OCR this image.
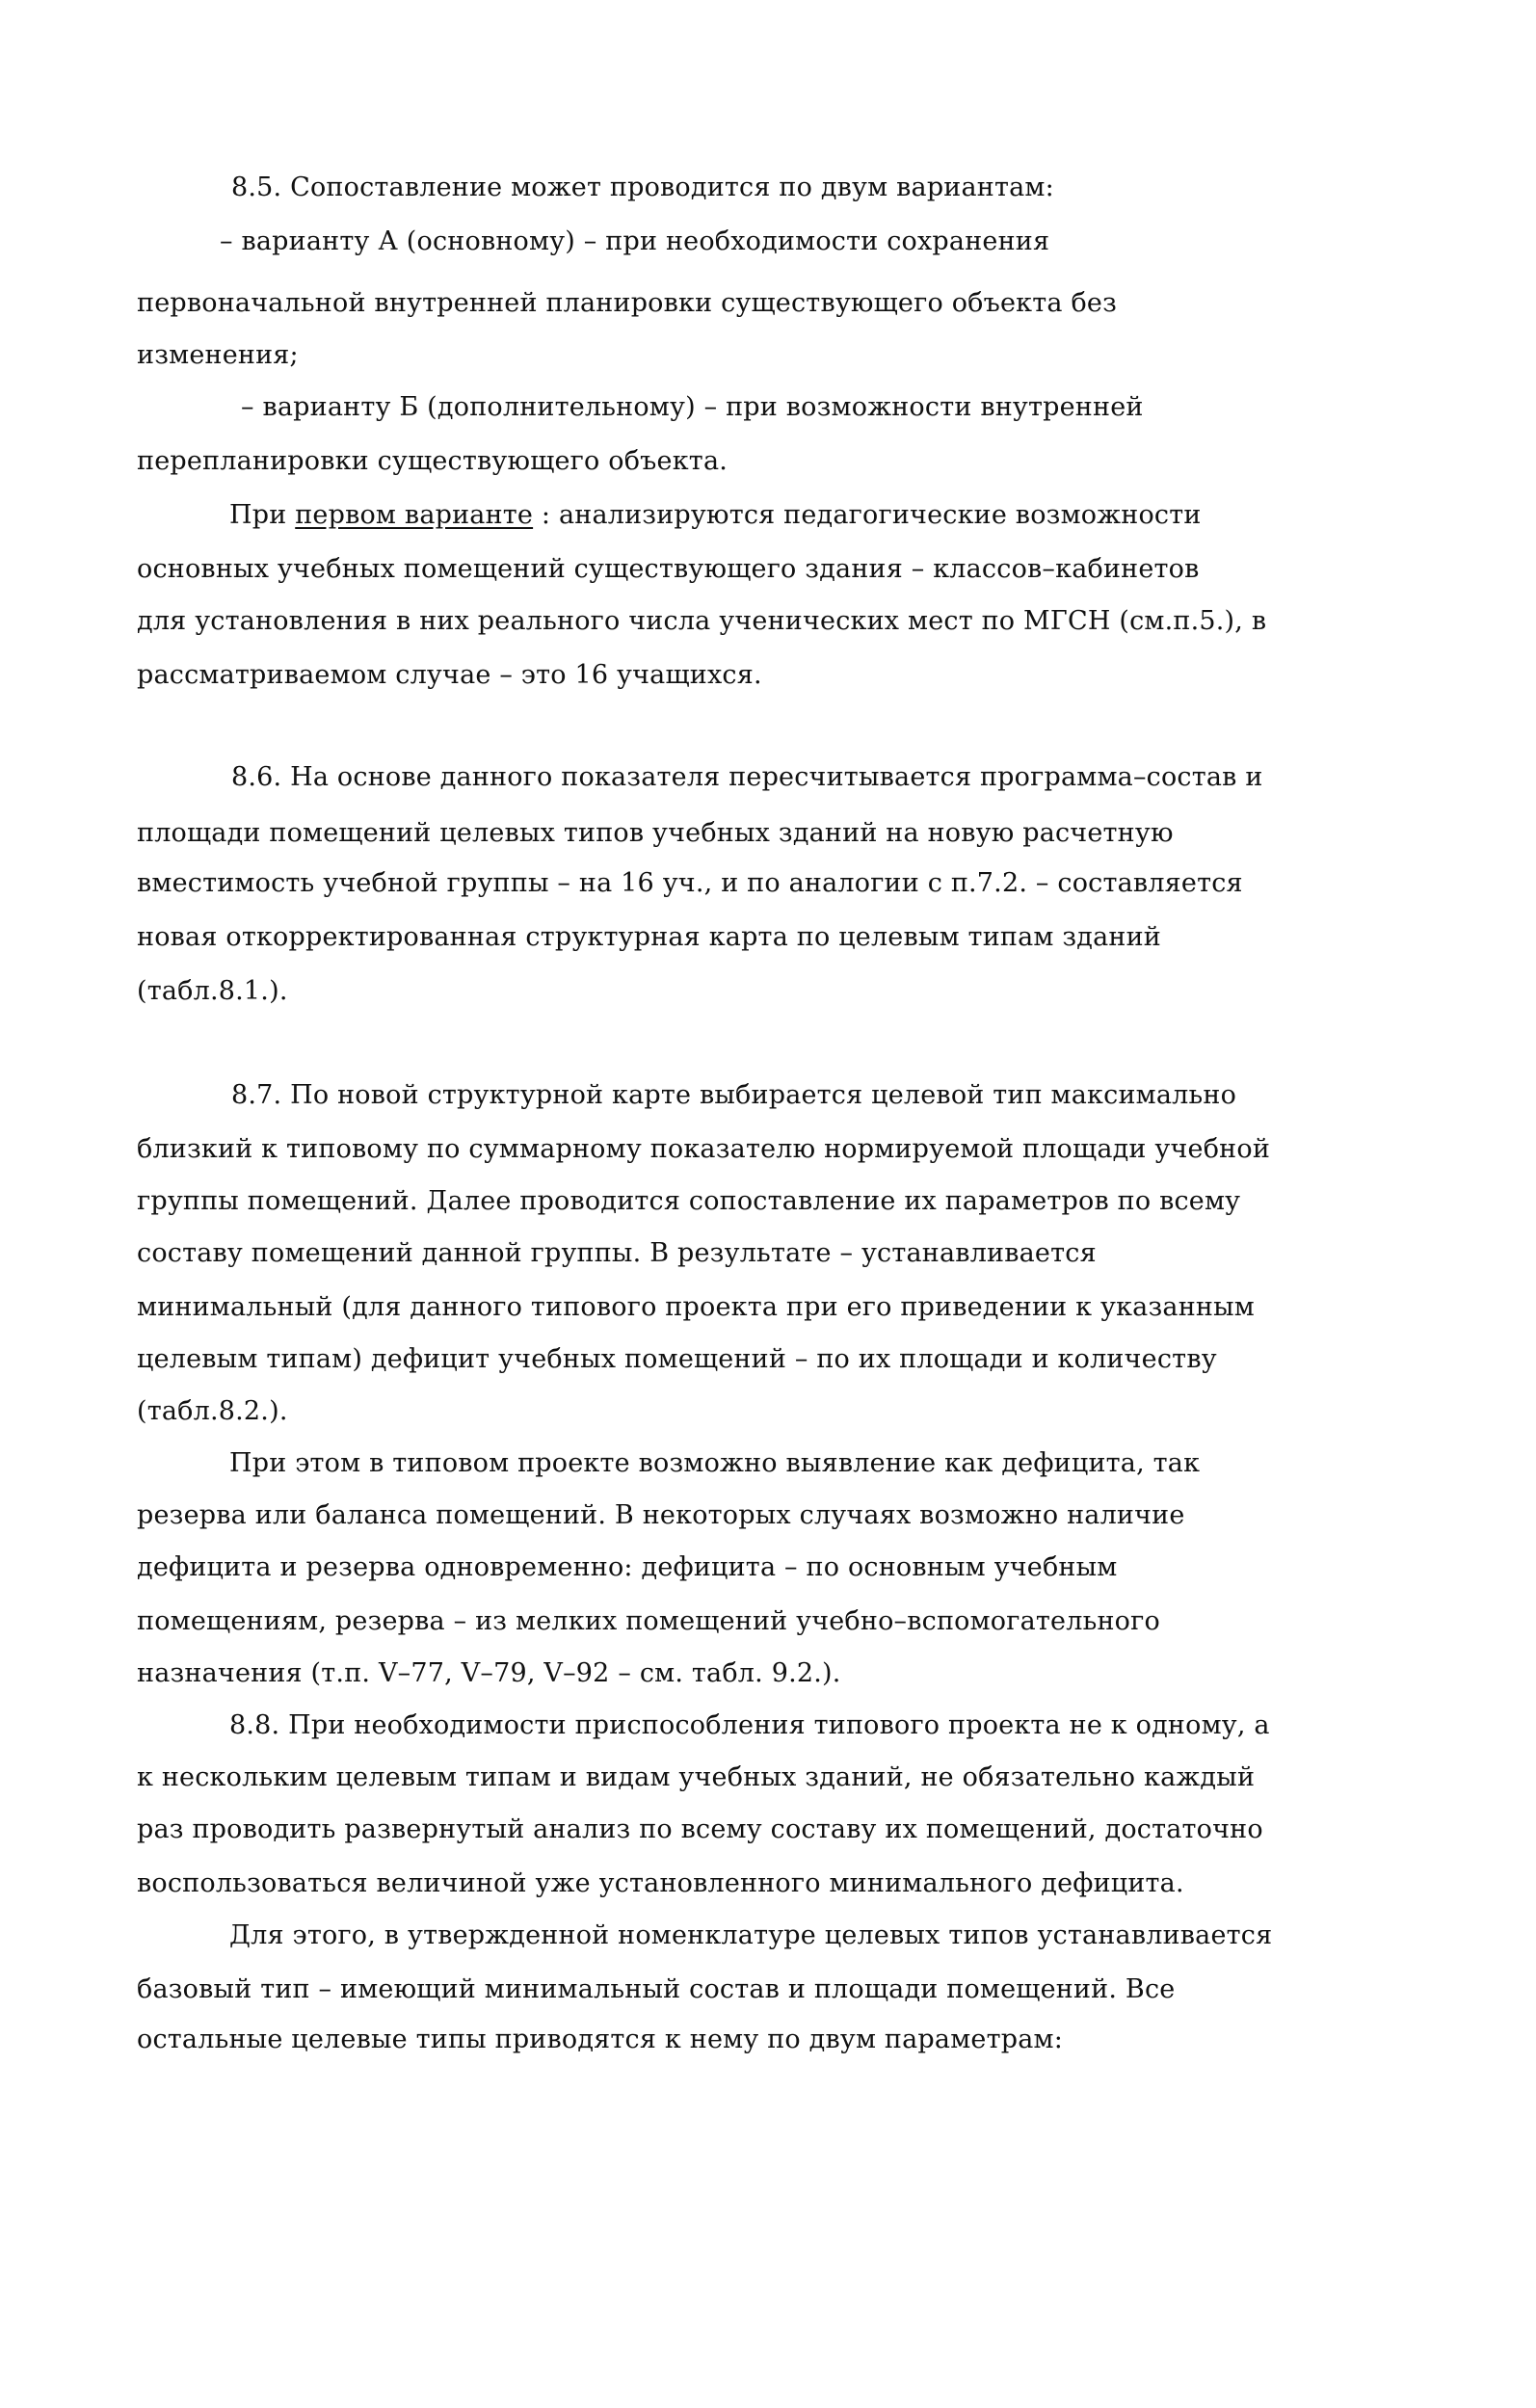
8.5. Сопоставление может проводится по двум вариантам:
– варианту А (основному) – при необходимости сохранения
первоначальной внутренней планировки существующего объекта без
изменения;
– варианту Б (дополнительному) – при возможности внутренней
перепланировки существующего объекта.
При первом варианте : анализируются педагогические возможности
основных учебных помещений существующего здания – классов–кабинетов
для установления в них реального числа ученических мест по МГСН (см.п.5.), в
рассматриваемом случае – это 16 учащихся.
8.6. На основе данного показателя пересчитывается программа–состав и
площади помещений целевых типов учебных зданий на новую расчетную
вместимость учебной группы – на 16 уч., и по аналогии с п.7.2. – составляется
новая откорректированная структурная карта по целевым типам зданий
(табл.8.1.).
8.7. По новой структурной карте выбирается целевой тип максимально
близкий к типовому по суммарному показателю нормируемой площади учебной
группы помещений. Далее проводится сопоставление их параметров по всему
составу помещений даннoй группы. В результате – устанавливается
минимальный (для данного типового проекта при его приведении к указанным
целевым типам) дефицит учебных помещений – по их площади и количеству
(табл.8.2.).
При этом в типовом проекте возможно выявление как дефицита, так
резерва или баланса помещений. В некоторых случаях возможно наличие
дефицита и резерва одновременно: дефицита – по основным учебным
помещениям, резерва – из мелких помещений учебно–вспомогательного
назначения (т.п. V–77, V–79, V–92 – см. табл. 9.2.).
8.8. При необходимости приспособления типового проекта не к одному, а
к нескольким целевым типам и видам учебных зданий, не обязательно каждый
раз проводить развернутый анализ по всему составу их помещений, достаточно
воспользоваться величиной уже установленного минимального дефицита.
Для этого, в утвержденной номенклатуре целевых типов устанавливается
базовый тип – имеющий минимальный состав и площади помещений. Все
остальные целевые типы приводятся к нему по двум параметрам:
